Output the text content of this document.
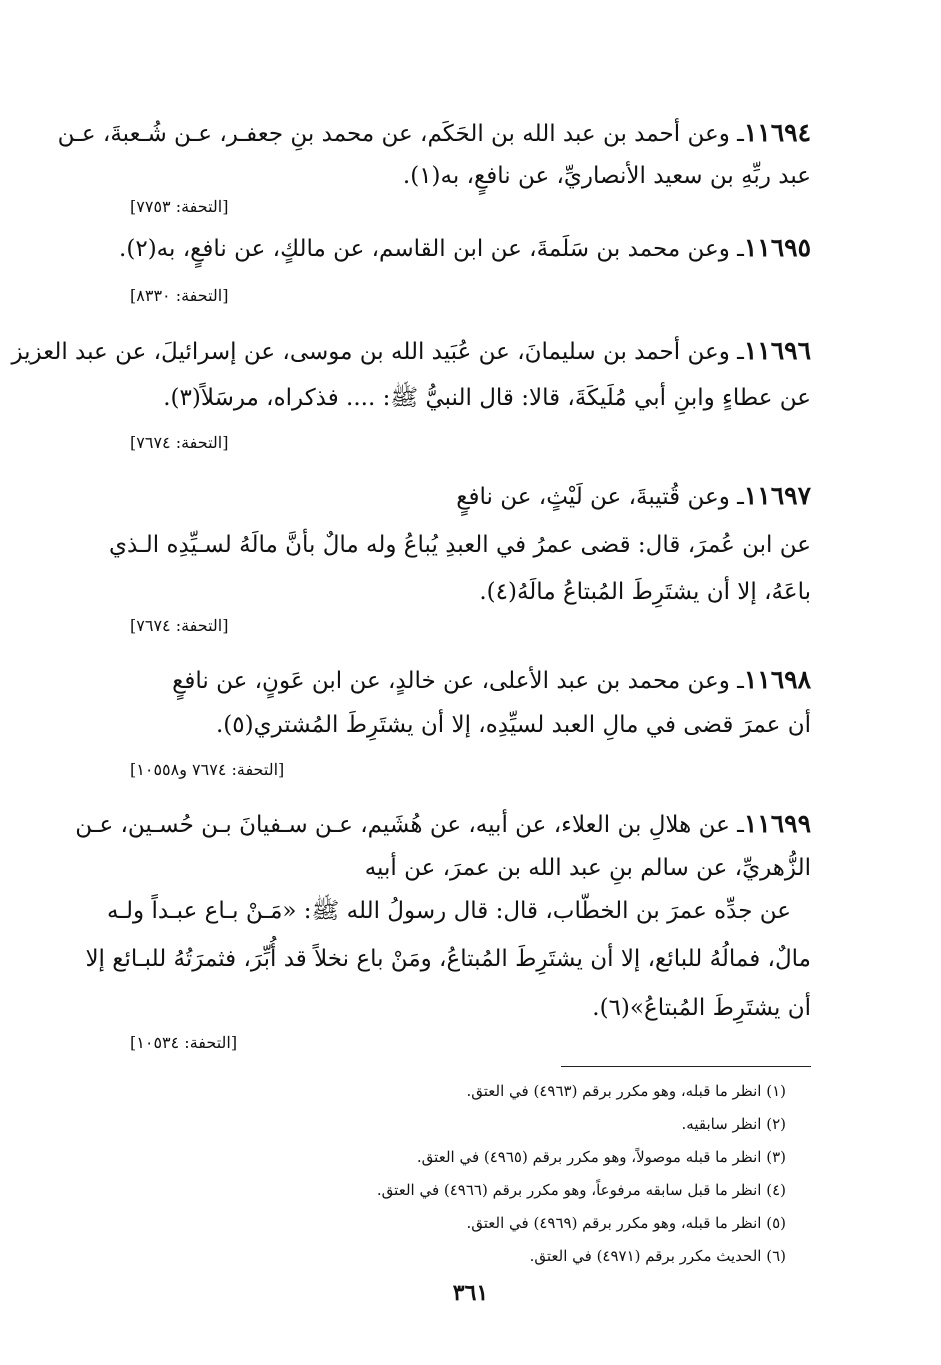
١١٦٩٤ـ وعن أحمد بن عبد الله بن الحَكَم، عن محمد بنِ جعفـر، عـن شُـعبةَ، عـن
عبد ربِّهِ بن سعيد الأنصاريِّ، عن نافعٍ، به(١).
[التحفة: ٧٧٥٣]
١١٦٩٥ـ وعن محمد بن سَلَمةَ، عن ابن القاسم، عن مالكٍ، عن نافعٍ، به(٢).
[التحفة: ٨٣٣٠]
١١٦٩٦ـ وعن أحمد بن سليمانَ، عن عُبَيد الله بن موسى، عن إسرائيلَ، عن عبد العزيز
عن عطاءٍ وابنِ أبي مُلَيكَةَ، قالا: قال النبيُّ ﷺ: .... فذكراه، مرسَلاً(٣).
[التحفة: ٧٦٧٤]
١١٦٩٧ـ وعن قُتيبةَ، عن لَيْثٍ، عن نافعٍ
عن ابن عُمرَ، قال: قضى عمرُ في العبدِ يُباعُ وله مالٌ بأنَّ مالَهُ لسـيِّدِه الـذي
باعَهُ، إلا أن يشتَرِطَ المُبتاعُ مالَهُ(٤).
[التحفة: ٧٦٧٤]
١١٦٩٨ـ وعن محمد بن عبد الأعلى، عن خالدٍ، عن ابن عَونٍ، عن نافعٍ
أن عمرَ قضى في مالِ العبد لسيِّدِه، إلا أن يشتَرِطَ المُشتري(٥).
[التحفة: ٧٦٧٤ و١٠٥٥٨]
١١٦٩٩ـ عن هلالِ بن العلاء، عن أبيه، عن هُشَيم، عـن سـفيانَ بـن حُسـين، عـن
الزُّهريِّ، عن سالم بنِ عبد الله بن عمرَ، عن أبيه
عن جدِّه عمرَ بن الخطّاب، قال: قال رسولُ الله ﷺ: «مَـنْ بـاع عبـداً ولـه
مالٌ، فمالُهُ للبائع، إلا أن يشتَرِطَ المُبتاعُ، ومَنْ باع نخلاً قد أُبِّرَ، فثمرَتُهُ للبـائع إلا
أن يشتَرِطَ المُبتاعُ»(٦).
[التحفة: ١٠٥٣٤]
(١) انظر ما قبله، وهو مكرر برقم (٤٩٦٣) في العتق.
(٢) انظر سابقيه.
(٣) انظر ما قبله موصولاً، وهو مكرر برقم (٤٩٦٥) في العتق.
(٤) انظر ما قبل سابقه مرفوعاً، وهو مكرر برقم (٤٩٦٦) في العتق.
(٥) انظر ما قبله، وهو مكرر برقم (٤٩٦٩) في العتق.
(٦) الحديث مكرر برقم (٤٩٧١) في العتق.
٣٦١
